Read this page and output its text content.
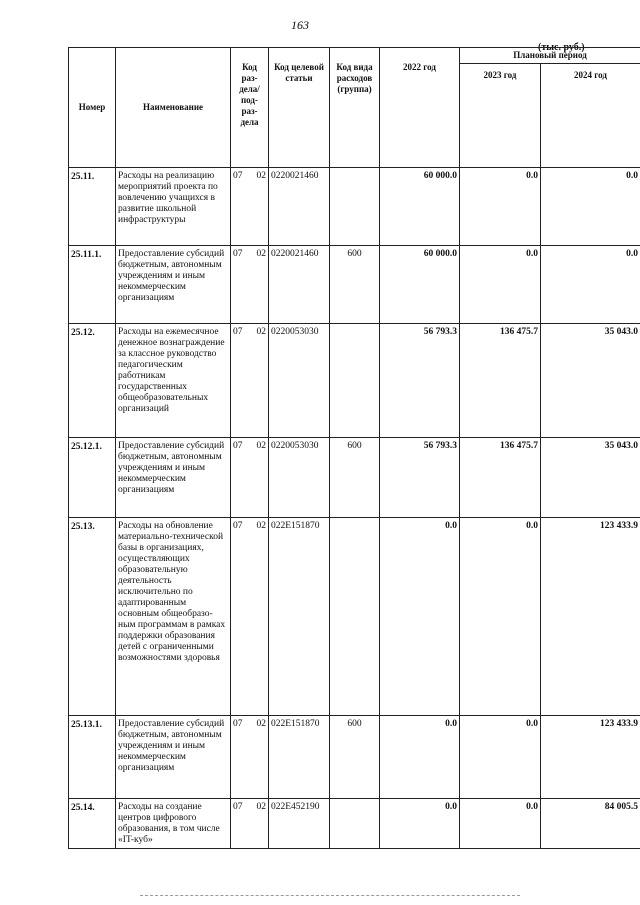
163
(тыс. руб.)
Номер	Наименование	Код раз-дела/ под-раз-дела	Код целевой статьи	Код вида расходов (группа)	2022 год	Плановый период	
						2023 год	2024 год
25.11.	Расходы на реализацию мероприятий проекта по вовлечению учащихся в развитие школьной инфраструктуры	07 02	0220021460		60 000.0	0.0	0.0
25.11.1.	Предоставление субсидий бюджетным, автономным учреждениям и иным некоммерческим организациям	07 02	0220021460	600	60 000.0	0.0	0.0
25.12.	Расходы на ежемесячное денежное вознаграждение за классное руководство педагогическим работникам государственных общеобразовательных организаций	07 02	0220053030		56 793.3	136 475.7	35 043.0
25.12.1.	Предоставление субсидий бюджетным, автономным учреждениям и иным некоммерческим организациям	07 02	0220053030	600	56 793.3	136 475.7	35 043.0
25.13.	Расходы на обновление материально-технической базы в организациях, осуществляющих образовательную деятельность исключительно по адаптированным основным общеобразо-ным программам в рамках поддержки образования детей с ограниченными возможностями здоровья	07 02	022Е151870		0.0	0.0	123 433.9
25.13.1.	Предоставление субсидий бюджетным, автономным учреждениям и иным некоммерческим организациям	07 02	022Е151870	600	0.0	0.0	123 433.9
25.14.	Расходы на создание центров цифрового образования, в том числе «IT-куб»	07 02	022Е452190		0.0	0.0	84 005.5
